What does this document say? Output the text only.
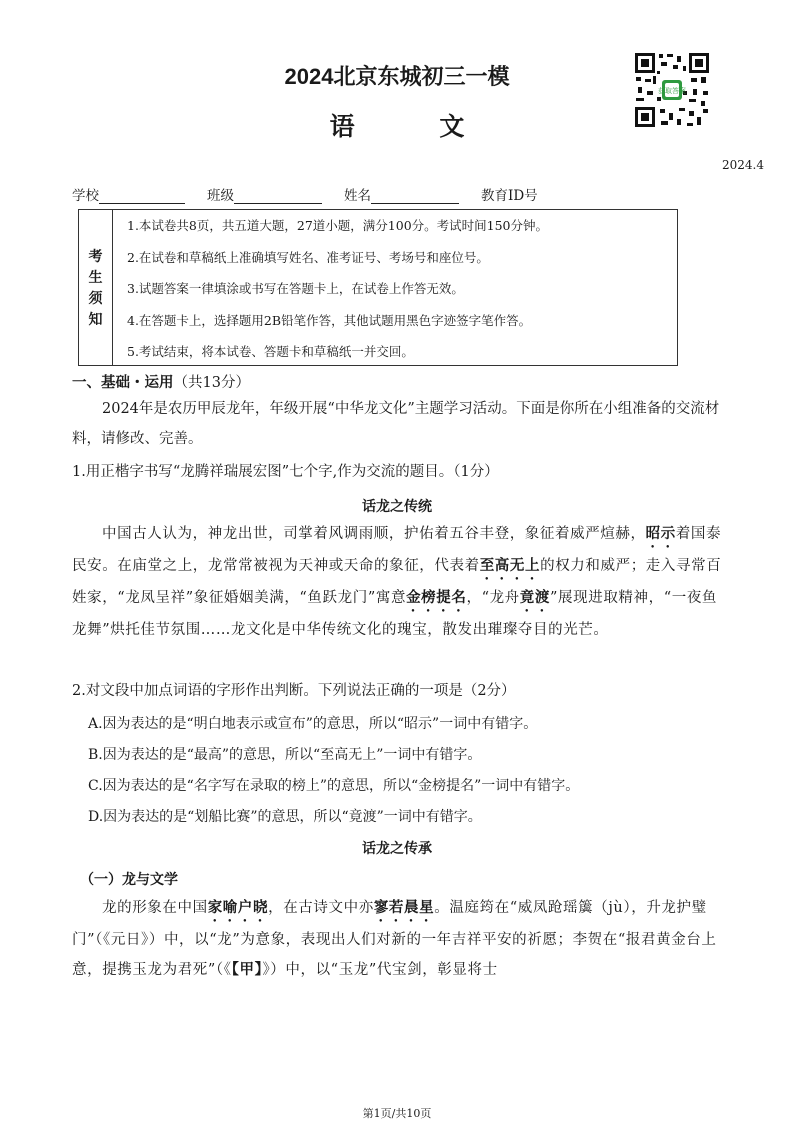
2024北京东城初三一模
语 文
获取答案
2024.4
学校	班级	姓名	教育ID号
考
生
须
知
1.本试卷共8页，共五道大题，27道小题，满分100分。考试时间150分钟。
2.在试卷和草稿纸上准确填写姓名、准考证号、考场号和座位号。
3.试题答案一律填涂或书写在答题卡上，在试卷上作答无效。
4.在答题卡上，选择题用2B铅笔作答，其他试题用黑色字迹签字笔作答。
5.考试结束，将本试卷、答题卡和草稿纸一并交回。
一、基础・运用（共13分）
2024年是农历甲辰龙年，年级开展“中华龙文化”主题学习活动。下面是你所在小组准备的交流材料，请修改、完善。
1.用正楷字书写“龙腾祥瑞展宏图”七个字,作为交流的题目。（1分）
话龙之传统
中国古人认为，神龙出世，司掌着风调雨顺，护佑着五谷丰登，象征着威严煊赫，昭示着国泰民安。在庙堂之上，龙常常被视为天神或天命的象征，代表着至高无上的权力和威严；走入寻常百姓家，“龙凤呈祥”象征婚姻美满，“鱼跃龙门”寓意金榜提名，“龙舟竟渡”展现进取精神，“一夜鱼龙舞”烘托佳节氛围……龙文化是中华传统文化的瑰宝，散发出璀璨夺目的光芒。
2.对文段中加点词语的字形作出判断。下列说法正确的一项是（2分）
A.因为表达的是“明白地表示或宣布”的意思，所以“昭示”一词中有错字。
B.因为表达的是“最高”的意思，所以“至高无上”一词中有错字。
C.因为表达的是“名字写在录取的榜上”的意思，所以“金榜提名”一词中有错字。
D.因为表达的是“划船比赛”的意思，所以“竟渡”一词中有错字。
话龙之传承
（一）龙与文学
龙的形象在中国家喻户晓，在古诗文中亦寥若晨星。温庭筠在“威凤跄瑶簴（jù），升龙护璧门”（《元日》）中，以“龙”为意象，表现出人们对新的一年吉祥平安的祈愿；李贺在“报君黄金台上意，提携玉龙为君死”（《【甲】》）中，以“玉龙”代宝剑，彰显将士
第1页/共10页
